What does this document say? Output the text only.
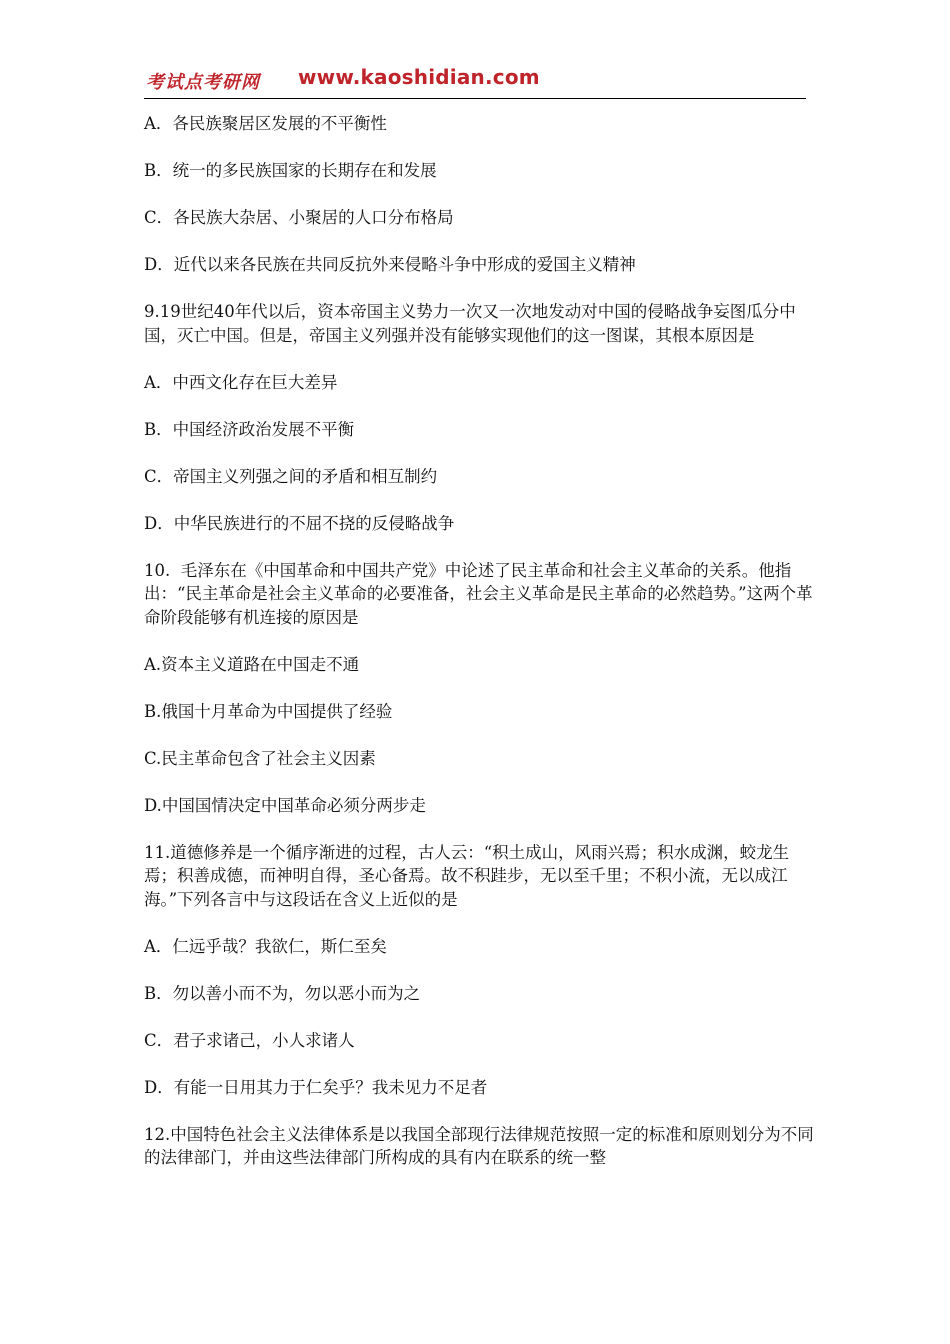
考试点考研网 www.kaoshidian.com

A．各民族聚居区发展的不平衡性

B．统一的多民族国家的长期存在和发展

C．各民族大杂居、小聚居的人口分布格局

D．近代以来各民族在共同反抗外来侵略斗争中形成的爱国主义精神

9.19世纪40年代以后，资本帝国主义势力一次又一次地发动对中国的侵略战争妄图瓜分中国，灭亡中国。但是，帝国主义列强并没有能够实现他们的这一图谋，其根本原因是

A．中西文化存在巨大差异

B．中国经济政治发展不平衡

C．帝国主义列强之间的矛盾和相互制约

D．中华民族进行的不屈不挠的反侵略战争

10.  毛泽东在《中国革命和中国共产党》中论述了民主革命和社会主义革命的关系。他指出：“民主革命是社会主义革命的必要准备，社会主义革命是民主革命的必然趋势。”这两个革命阶段能够有机连接的原因是

A.资本主义道路在中国走不通

B.俄国十月革命为中国提供了经验

C.民主革命包含了社会主义因素

D.中国国情决定中国革命必须分两步走

11.道德修养是一个循序渐进的过程，古人云：“积土成山，风雨兴焉；积水成渊，蛟龙生焉；积善成德，而神明自得，圣心备焉。故不积跬步，无以至千里；不积小流，无以成江海。”下列各言中与这段话在含义上近似的是

A．仁远乎哉？我欲仁，斯仁至矣

B．勿以善小而不为，勿以恶小而为之

C．君子求诸己，小人求诸人

D．有能一日用其力于仁矣乎？我未见力不足者

12.中国特色社会主义法律体系是以我国全部现行法律规范按照一定的标准和原则划分为不同的法律部门，并由这些法律部门所构成的具有内在联系的统一整
